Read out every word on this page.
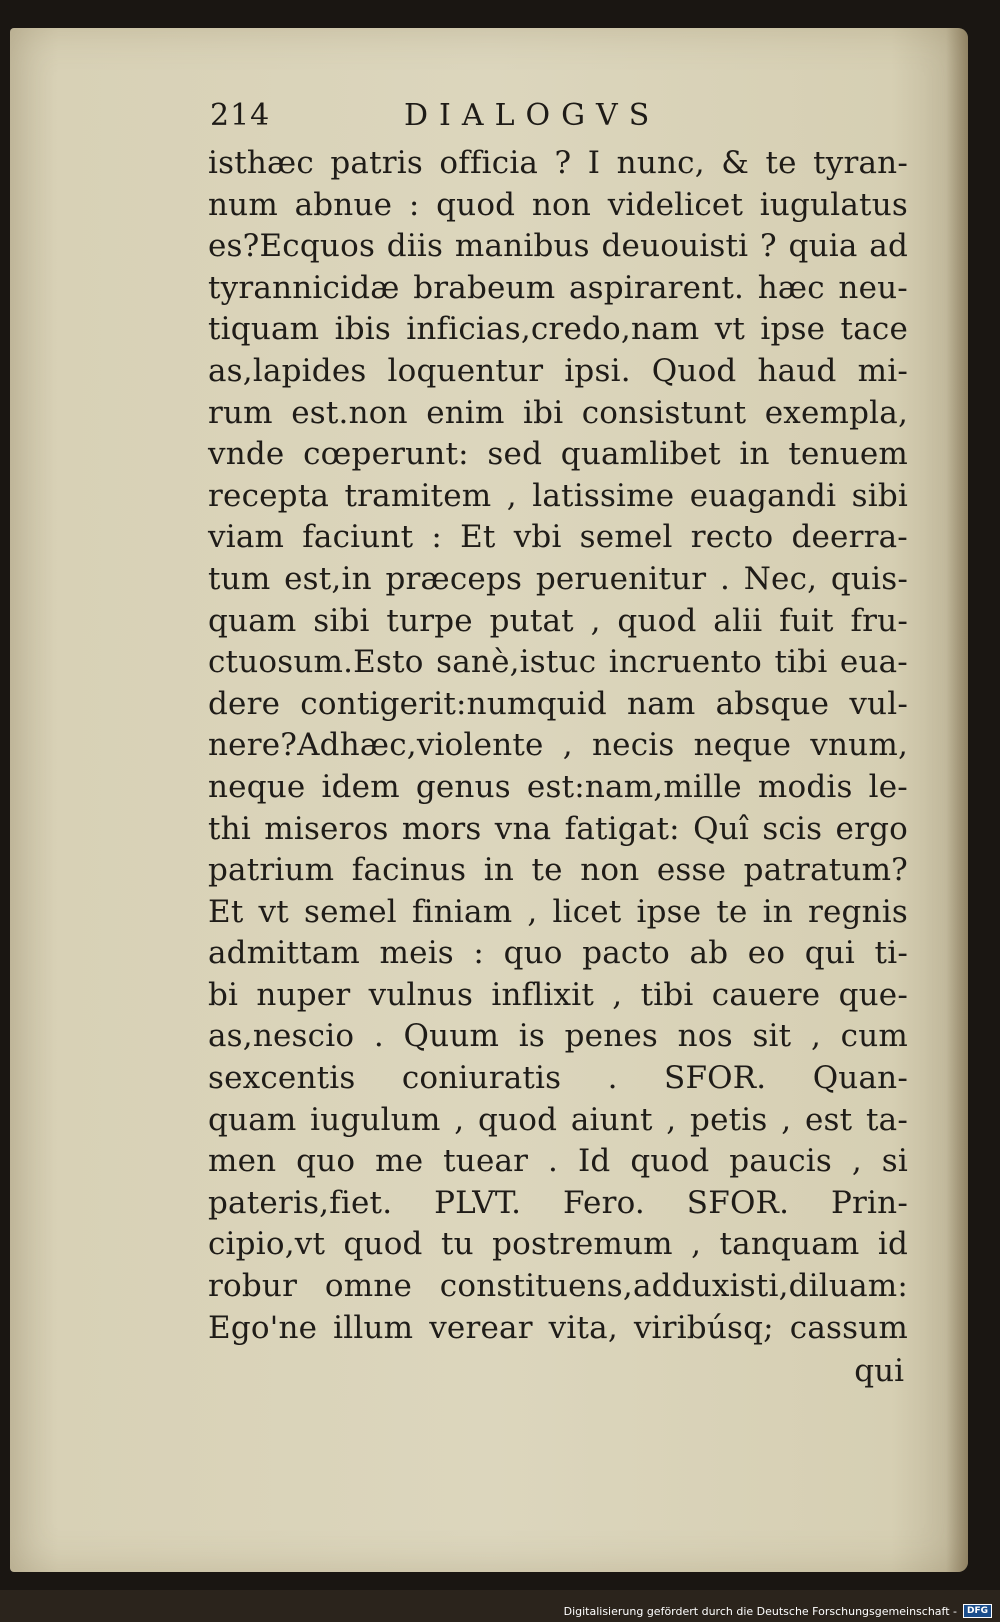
214	DIALOGVS
isthæc patris officia ? I nunc, & te tyran-
num abnue : quod non videlicet iugulatus
es?Ecquos diis manibus deuouisti ? quia ad
tyrannicidæ brabeum aspirarent. hæc neu-
tiquam ibis inficias,credo,nam vt ipse tace
as,lapides loquentur ipsi. Quod haud mi-
rum est.non enim ibi consistunt exempla,
vnde cœperunt: sed quamlibet in tenuem
recepta tramitem , latissime euagandi sibi
viam faciunt : Et vbi semel recto deerra-
tum est,in præceps peruenitur . Nec, quis-
quam sibi turpe putat , quod alii fuit fru-
ctuosum.Esto sanè,istuc incruento tibi eua-
dere contigerit:numquid nam absque vul-
nere?Adhæc,violente , necis neque vnum,
neque idem genus est:nam,mille modis le-
thi miseros mors vna fatigat: Quî scis ergo
patrium facinus in te non esse patratum?
Et vt semel finiam , licet ipse te in regnis
admittam meis : quo pacto ab eo qui ti-
bi nuper vulnus inflixit , tibi cauere que-
as,nescio . Quum is penes nos sit , cum
sexcentis coniuratis . SFOR. Quan-
quam iugulum , quod aiunt , petis , est ta-
men quo me tuear . Id quod paucis , si
pateris,fiet. PLVT. Fero. SFOR. Prin-
cipio,vt quod tu postremum , tanquam id
robur omne constituens,adduxisti,diluam:
Ego'ne illum verear vita, viribúsq; cassum
qui
Digitalisierung gefördert durch die Deutsche Forschungsgemeinschaft -	DFG
